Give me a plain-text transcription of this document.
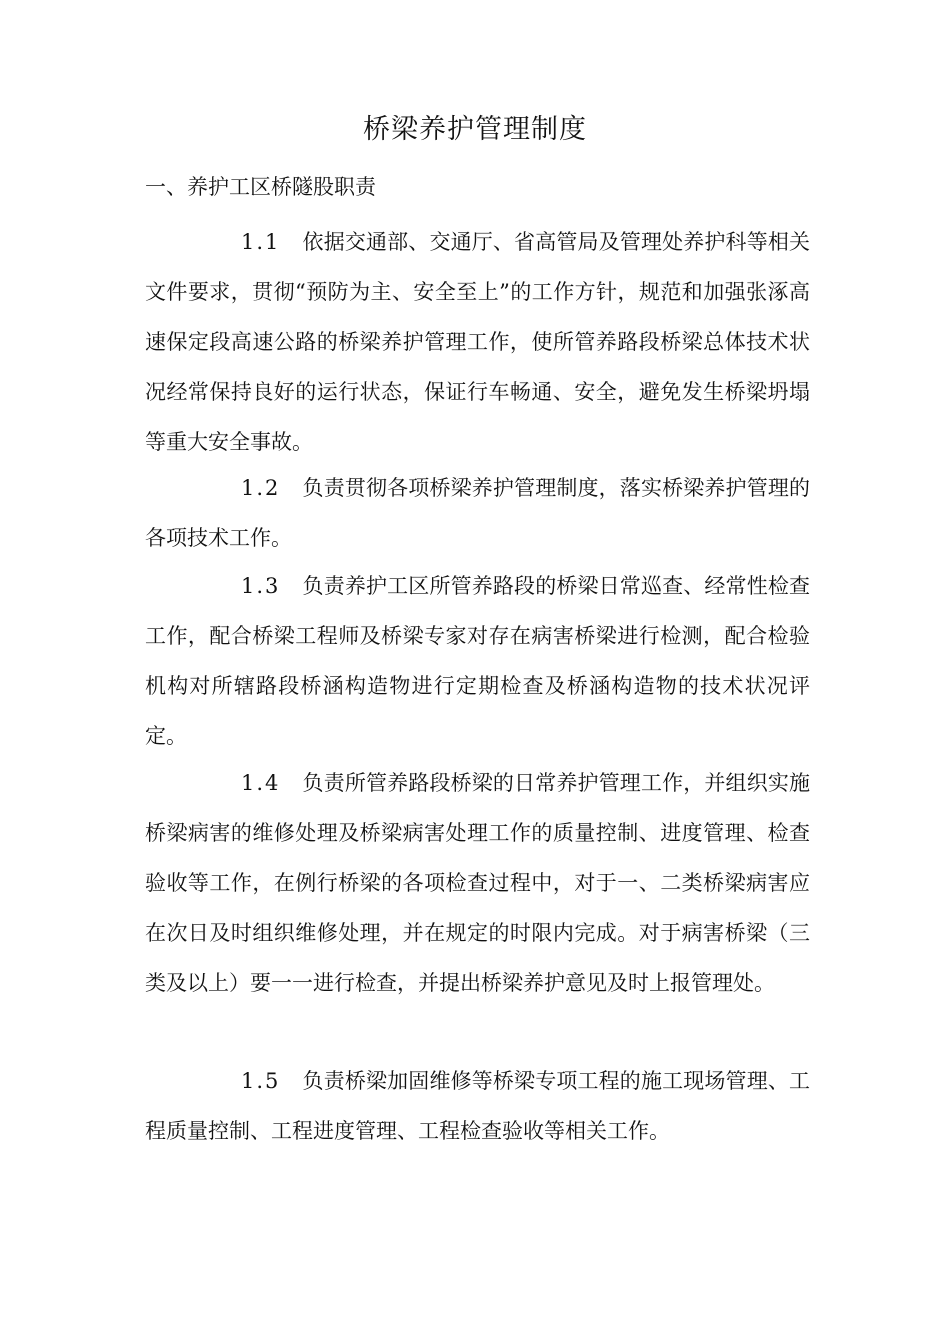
桥梁养护管理制度
一、养护工区桥隧股职责

1.1 依据交通部、交通厅、省高管局及管理处养护科等相关文件要求，贯彻“预防为主、安全至上”的工作方针，规范和加强张涿高速保定段高速公路的桥梁养护管理工作，使所管养路段桥梁总体技术状况经常保持良好的运行状态，保证行车畅通、安全，避免发生桥梁坍塌等重大安全事故。

1.2 负责贯彻各项桥梁养护管理制度，落实桥梁养护管理的各项技术工作。

1.3 负责养护工区所管养路段的桥梁日常巡查、经常性检查工作，配合桥梁工程师及桥梁专家对存在病害桥梁进行检测，配合检验机构对所辖路段桥涵构造物进行定期检查及桥涵构造物的技术状况评定。

1.4 负责所管养路段桥梁的日常养护管理工作，并组织实施桥梁病害的维修处理及桥梁病害处理工作的质量控制、进度管理、检查验收等工作，在例行桥梁的各项检查过程中，对于一、二类桥梁病害应在次日及时组织维修处理，并在规定的时限内完成。对于病害桥梁（三类及以上）要一一进行检查，并提出桥梁养护意见及时上报管理处。

1.5 负责桥梁加固维修等桥梁专项工程的施工现场管理、工程质量控制、工程进度管理、工程检查验收等相关工作。
